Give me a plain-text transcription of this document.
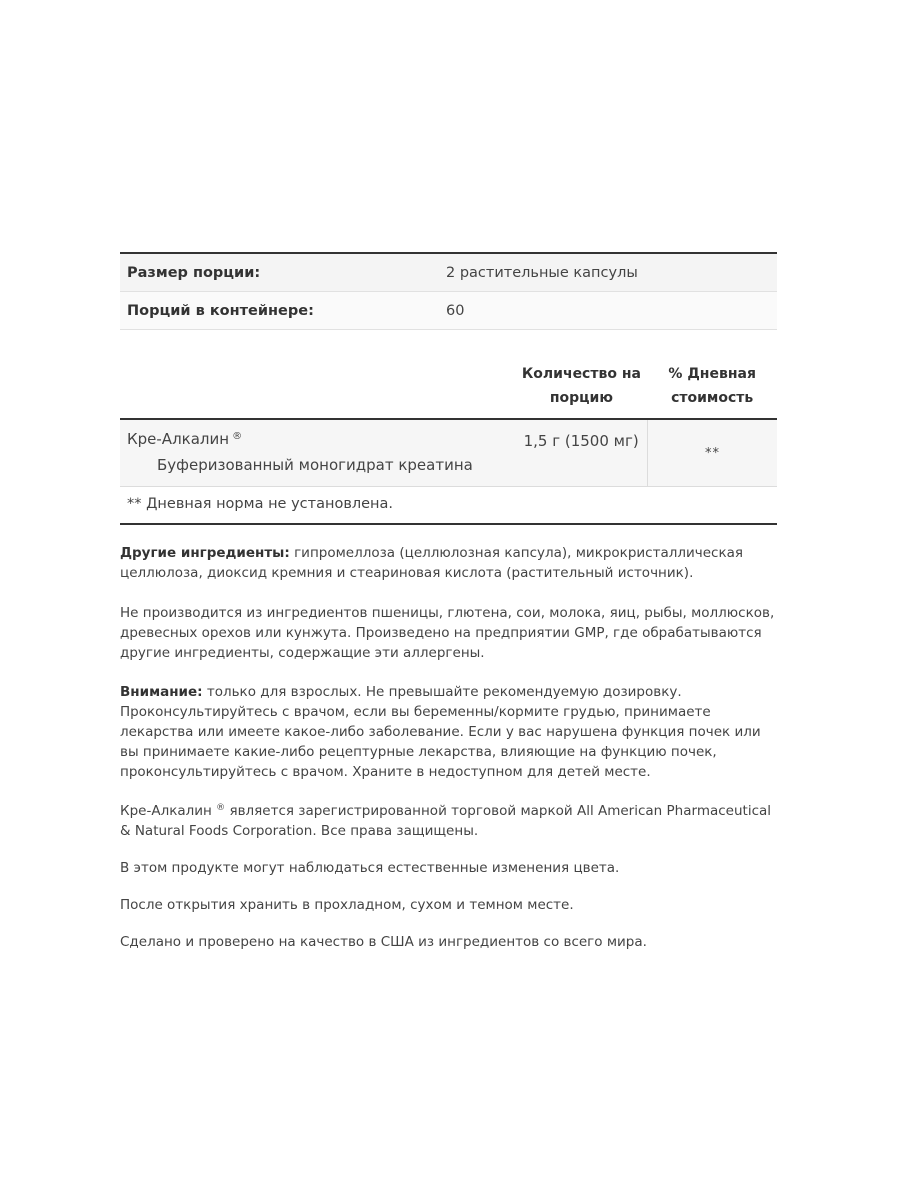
Размер порции:	2 растительные капсулы
Порций в контейнере:	60
	Количество на порцию	% Дневная стоимость
Кре-Алкалин ®
Буферизованный моногидрат креатина	1,5 г (1500 мг)	**
** Дневная норма не установлена.		

Другие ингредиенты: гипромеллоза (целлюлозная капсула), микрокристаллическая целлюлоза, диоксид кремния и стеариновая кислота (растительный источник).

Не производится из ингредиентов пшеницы, глютена, сои, молока, яиц, рыбы, моллюсков, древесных орехов или кунжута. Произведено на предприятии GMP, где обрабатываются другие ингредиенты, содержащие эти аллергены.

Внимание: только для взрослых. Не превышайте рекомендуемую дозировку. Проконсультируйтесь с врачом, если вы беременны/кормите грудью, принимаете лекарства или имеете какое-либо заболевание. Если у вас нарушена функция почек или вы принимаете какие-либо рецептурные лекарства, влияющие на функцию почек, проконсультируйтесь с врачом. Храните в недоступном для детей месте.

Кре-Алкалин ® является зарегистрированной торговой маркой All American Pharmaceutical & Natural Foods Corporation. Все права защищены.

В этом продукте могут наблюдаться естественные изменения цвета.

После открытия хранить в прохладном, сухом и темном месте.

Сделано и проверено на качество в США из ингредиентов со всего мира.
